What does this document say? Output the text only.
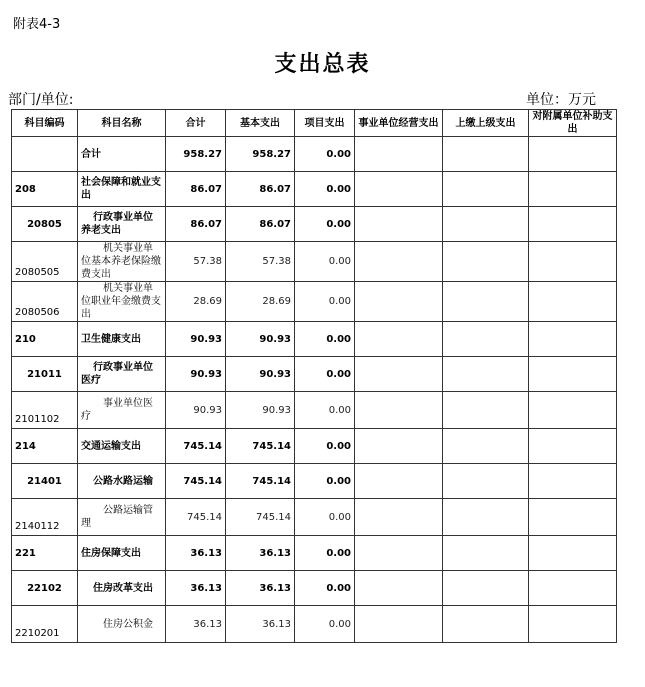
附表4-3
支出总表
部门/单位:	单位：万元
科目编码	科目名称	合计	基本支出	项目支出	事业单位经营支出	上缴上级支出	对附属单位补助支出
	合计	958.27	958.27	0.00			
208	社会保障和就业支出	86.07	86.07	0.00			
20805	行政事业单位养老支出	86.07	86.07	0.00			
2080505	机关事业单位基本养老保险缴费支出	57.38	57.38	0.00			
2080506	机关事业单位职业年金缴费支出	28.69	28.69	0.00			
210	卫生健康支出	90.93	90.93	0.00			
21011	行政事业单位医疗	90.93	90.93	0.00			
2101102	事业单位医疗	90.93	90.93	0.00			
214	交通运输支出	745.14	745.14	0.00			
21401	公路水路运输	745.14	745.14	0.00			
2140112	公路运输管理	745.14	745.14	0.00			
221	住房保障支出	36.13	36.13	0.00			
22102	住房改革支出	36.13	36.13	0.00			
2210201	住房公积金	36.13	36.13	0.00			
